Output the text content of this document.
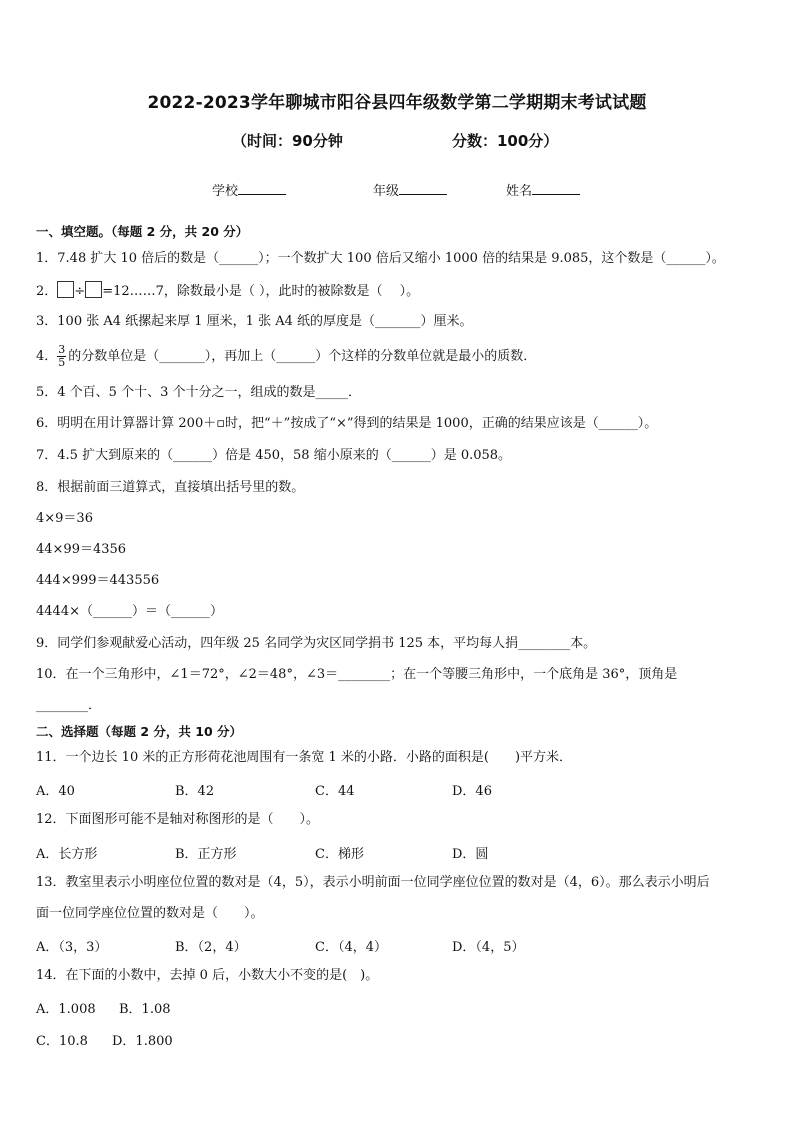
2022-2023学年聊城市阳谷县四年级数学第二学期期末考试试题
（时间：90分钟	分数：100分）
学校	年级	姓名
一、填空题。（每题 2 分，共 20 分）
1．7.48 扩大 10 倍后的数是（______）；一个数扩大 100 倍后又缩小 1000 倍的结果是 9.085，这个数是（______）。
2． ÷ =12……7，除数最小是（ ），此时的被除数是（　 ）。
3．100 张 A4 纸摞起来厚 1 厘米，1 张 A4 纸的厚度是（_______）厘米。
4． $\frac{3}{5}$ 的分数单位是（_______），再加上（______）个这样的分数单位就是最小的质数．
5．4 个百、5 个十、3 个十分之一，组成的数是_____．
6．明明在用计算器计算 200＋▫时，把“＋”按成了“×”得到的结果是 1000，正确的结果应该是（______）。
7．4.5 扩大到原来的（______）倍是 450，58 缩小原来的（______）是 0.058。
8．根据前面三道算式，直接填出括号里的数。
4×9＝36
44×99＝4356
444×999＝443556
4444×（______）＝（______）
9．同学们参观献爱心活动，四年级 25 名同学为灾区同学捐书 125 本，平均每人捐________本。
10．在一个三角形中，∠1＝72°，∠2＝48°，∠3＝________；在一个等腰三角形中，一个底角是 36°，顶角是
________．
二、选择题（每题 2 分，共 10 分）
11．一个边长 10 米的正方形荷花池周围有一条宽 1 米的小路．小路的面积是(　　)平方米．
A．40	B．42	C．44	D．46
12．下面图形可能不是轴对称图形的是（　　）。
A．长方形	B．正方形	C．梯形	D．圆
13．教室里表示小明座位位置的数对是（4，5），表示小明前面一位同学座位位置的数对是（4，6）。那么表示小明后
面一位同学座位位置的数对是（　　）。
A．（3，3）	B．（2，4）	C．（4，4）	D．（4，5）
14．在下面的小数中，去掉 0 后，小数大小不变的是(　)。
A．1.008 B．1.08
C．10.8 D．1.800
